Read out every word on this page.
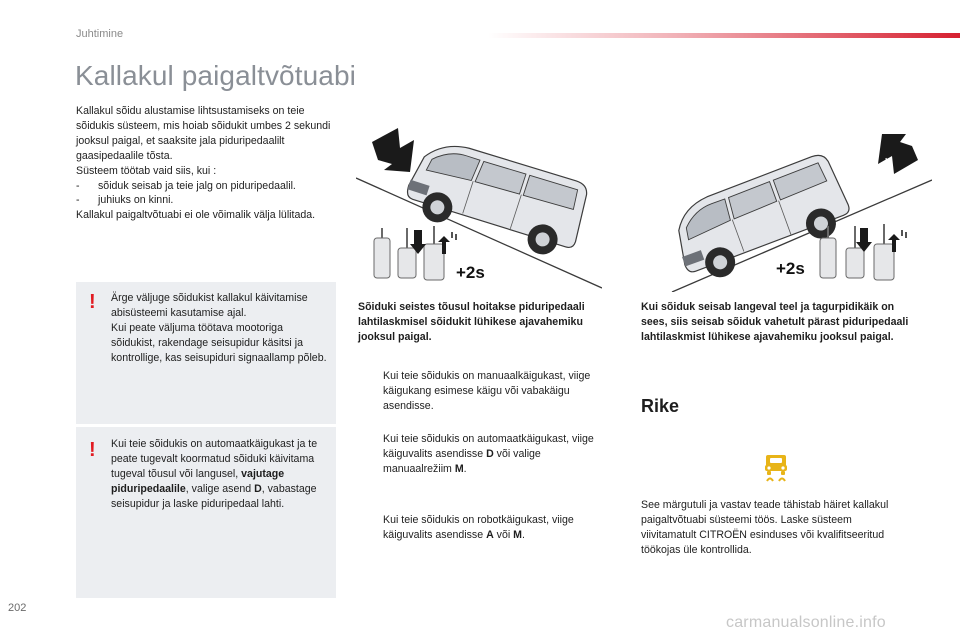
Juhtimine
Kallakul paigaltvõtuabi

Kallakul sõidu alustamise lihtsustamiseks on teie sõidukis süsteem, mis hoiab sõidukit umbes 2 sekundi jooksul paigal, et saaksite jala piduripedaalilt gaasipedaalile tõsta.

Süsteem töötab vaid siis, kui :

- sõiduk seisab ja teie jalg on piduripedaalil.

- juhiuks on kinni.

Kallakul paigaltvõtuabi ei ole võimalik välja lülitada.

! Ärge väljuge sõidukist kallakul käivitamise abisüsteemi kasutamise ajal.
Kui peate väljuma töötava mootoriga sõidukist, rakendage seisupidur käsitsi ja kontrollige, kas seisupiduri signaallamp põleb.
! Kui teie sõidukis on automaatkäigukast ja te peate tugevalt koormatud sõiduki käivitama tugeval tõusul või langusel, vajutage piduripedaalile, valige asend D, vabastage seisupidur ja laske piduripedaal lahti.
+2s	+2s
Sõiduki seistes tõusul hoitakse piduripedaali lahtilaskmisel sõidukit lühikese ajavahemiku jooksul paigal.
Kui sõiduk seisab langeval teel ja tagurpidikäik on sees, siis seisab sõiduk vahetult pärast piduripedaali lahtilaskmist lühikese ajavahemiku jooksul paigal.
Kui teie sõidukis on manuaalkäigukast, viige käigukang esimese käigu või vabakäigu asendisse.
Kui teie sõidukis on automaatkäigukast, viige käiguvalits asendisse D või valige manuaalrežiim M.
Kui teie sõidukis on robotkäigukast, viige käiguvalits asendisse A või M.
Rike
See märgutuli ja vastav teade tähistab häiret kallakul paigaltvõtuabi süsteemi töös. Laske süsteem viivitamatult CITROËN esinduses või kvalifitseeritud töökojas üle kontrollida.
202
carmanualsonline.info
